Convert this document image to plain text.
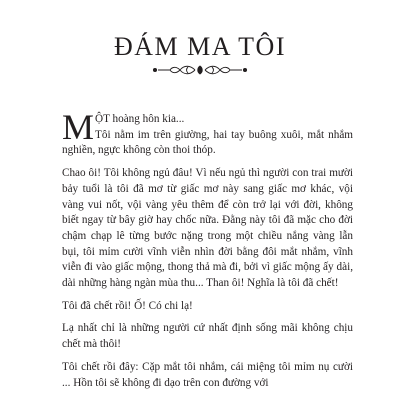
ĐÁM MA TÔI

MỘT hoàng hôn kia...

Tôi nằm im trên giường, hai tay buông xuôi, mắt nhắm nghiền, ngực không còn thoi thóp.

Chao ôi! Tôi không ngủ đâu! Vì nếu ngủ thì người con trai mười bảy tuổi là tôi đã mơ từ giấc mơ này sang giấc mơ khác, vội vàng vui nốt, vội vàng yêu thêm để còn trở lại với đời, không biết ngay từ bây giờ hay chốc nữa. Đằng này tôi đã mặc cho đời chậm chạp lê từng bước nặng trong một chiều nắng vàng lẫn bụi, tôi mỉm cười vĩnh viễn nhìn đời bằng đôi mắt nhắm, vĩnh viễn đi vào giấc mộng, thong thả mà đi, bởi vì giấc mộng ấy dài, dài những hàng ngàn mùa thu... Than ôi! Nghĩa là tôi đã chết!

Tôi đã chết rồi! Ố! Có chi lạ!

Lạ nhất chỉ là những người cứ nhất định sống mãi không chịu chết mà thôi!

Tôi chết rồi đây: Cặp mắt tôi nhắm, cái miệng tôi mỉm nụ cười ... Hồn tôi sẽ không đi dạo trên con đường với
